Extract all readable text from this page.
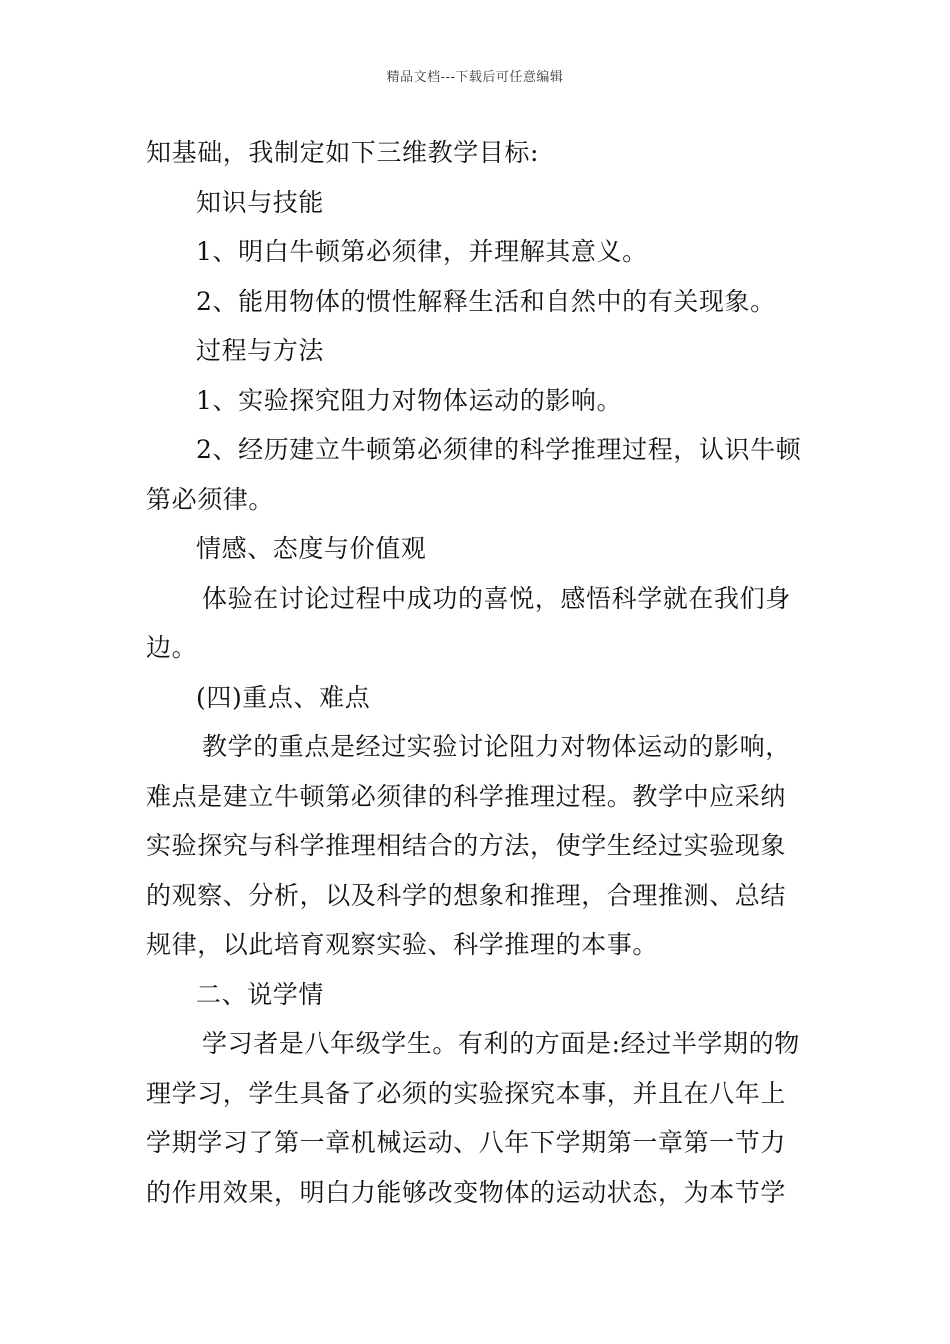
精品文档---下载后可任意编辑
知基础，我制定如下三维教学目标:
知识与技能
1、明白牛顿第必须律，并理解其意义。
2、能用物体的惯性解释生活和自然中的有关现象。
过程与方法
1、实验探究阻力对物体运动的影响。
2、经历建立牛顿第必须律的科学推理过程，认识牛顿
第必须律。
情感、态度与价值观
体验在讨论过程中成功的喜悦，感悟科学就在我们身
边。
(四)重点、难点
教学的重点是经过实验讨论阻力对物体运动的影响，
难点是建立牛顿第必须律的科学推理过程。教学中应采纳
实验探究与科学推理相结合的方法，使学生经过实验现象
的观察、分析，以及科学的想象和推理，合理推测、总结
规律，以此培育观察实验、科学推理的本事。
二、说学情
学习者是八年级学生。有利的方面是:经过半学期的物
理学习，学生具备了必须的实验探究本事，并且在八年上
学期学习了第一章机械运动、八年下学期第一章第一节力
的作用效果，明白力能够改变物体的运动状态，为本节学
